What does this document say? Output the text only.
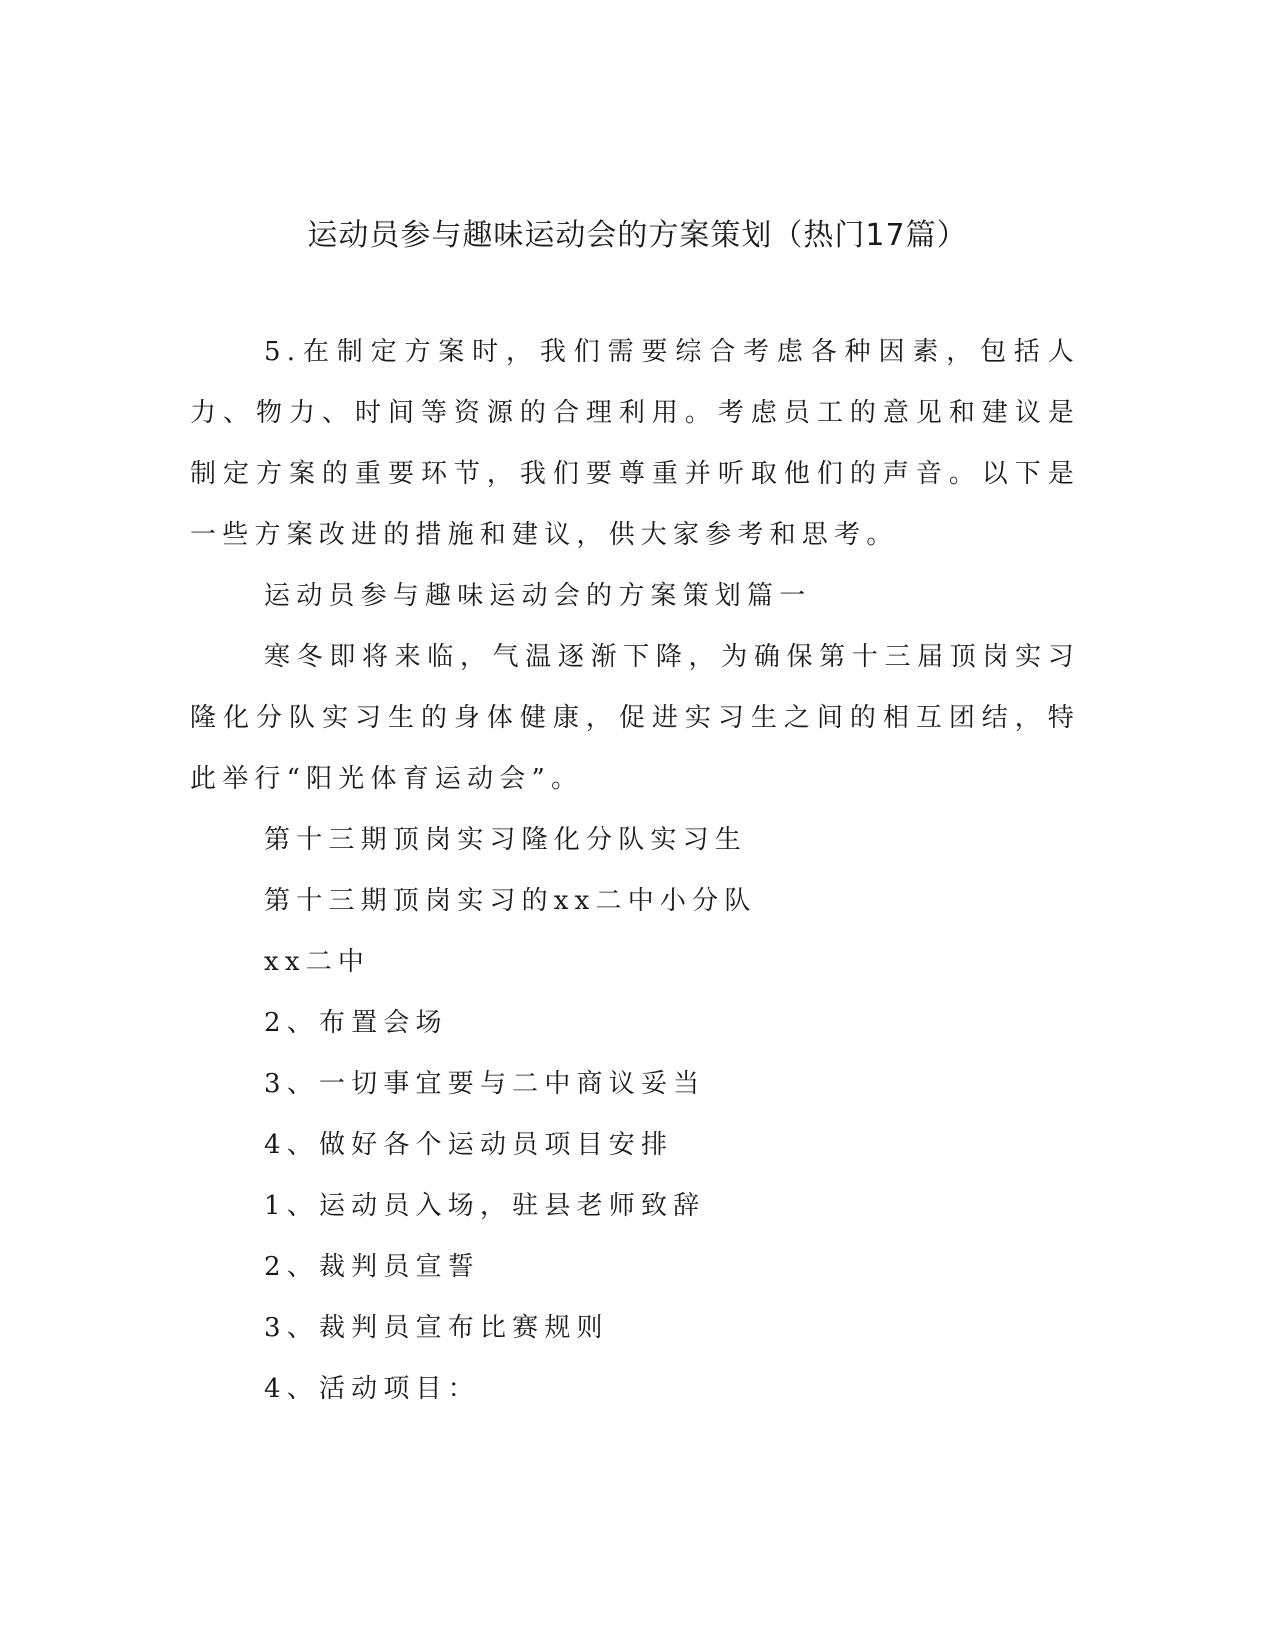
运动员参与趣味运动会的方案策划（热门17篇）

5.在制定方案时，我们需要综合考虑各种因素，包括人力、物力、时间等资源的合理利用。考虑员工的意见和建议是制定方案的重要环节，我们要尊重并听取他们的声音。以下是一些方案改进的措施和建议，供大家参考和思考。

运动员参与趣味运动会的方案策划篇一

寒冬即将来临，气温逐渐下降，为确保第十三届顶岗实习隆化分队实习生的身体健康，促进实习生之间的相互团结，特此举行“阳光体育运动会”。

第十三期顶岗实习隆化分队实习生

第十三期顶岗实习的xx二中小分队

xx二中

2、布置会场

3、一切事宜要与二中商议妥当

4、做好各个运动员项目安排

1、运动员入场，驻县老师致辞

2、裁判员宣誓

3、裁判员宣布比赛规则

4、活动项目：
